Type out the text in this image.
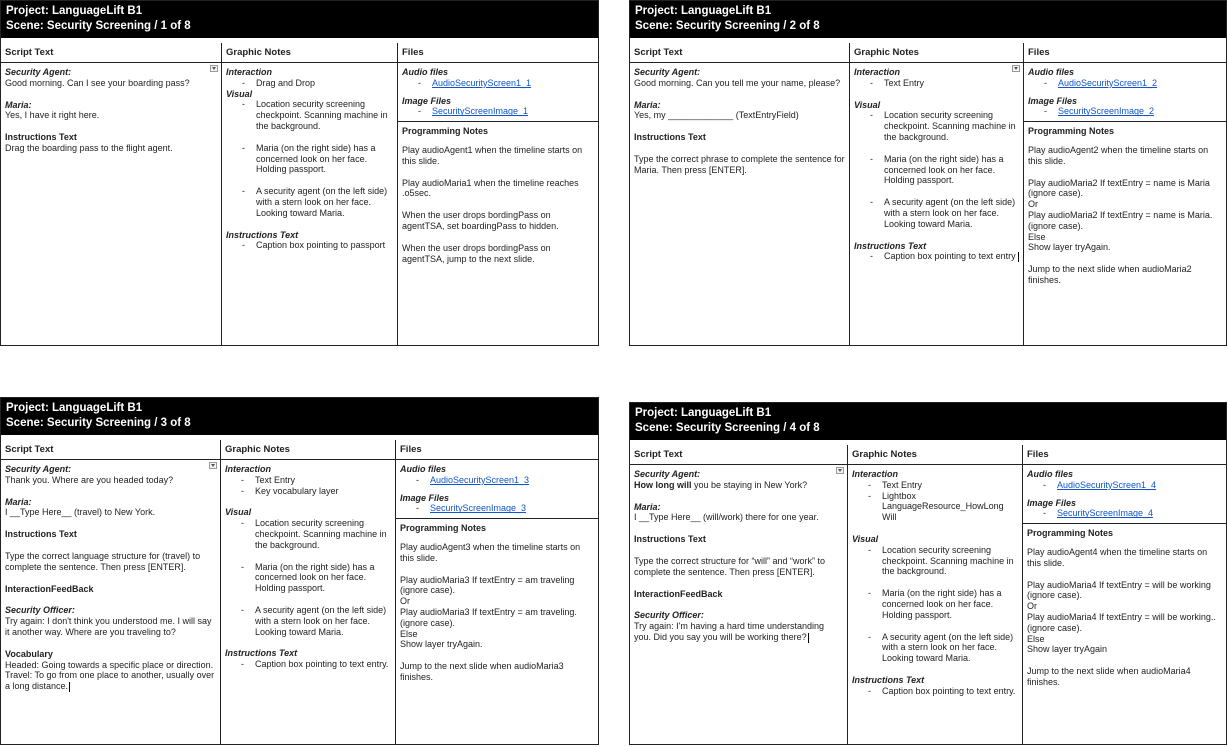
Project: LanguageLift B1
Scene: Security Screening / 1 of 8
Script Text
Security Agent:

Good morning. Can I see your boarding pass?

Maria:

Yes, I have it right here.

Instructions Text

Drag the boarding pass to the flight agent.

Graphic Notes
Interaction
- Drag and Drop
Visual
- Location security screening checkpoint. Scanning machine in the background.
- Maria (on the right side) has a concerned look on her face. Holding passport.
- A security agent (on the left side) with a stern look on her face. Looking toward Maria.
Instructions Text
- Caption box pointing to passport
Files
Audio files
- AudioSecurityScreen1_1
Image Files
- SecurityScreenImage_1
Programming Notes

Play audioAgent1 when the timeline starts on this slide.

Play audioMaria1 when the timeline reaches .o5sec.

When the user drops bordingPass on agentTSA, set boardingPass to hidden.

When the user drops bordingPass on agentTSA, jump to the next slide.

Project: LanguageLift B1
Scene: Security Screening / 2 of 8
Script Text
Security Agent:

Good morning. Can you tell me your name, please?

Maria:

Yes, my _____________ (TextEntryField)

Instructions Text

Type the correct phrase to complete the sentence for Maria. Then press [ENTER].

Graphic Notes
Interaction
- Text Entry
Visual
- Location security screening checkpoint. Scanning machine in the background.
- Maria (on the right side) has a concerned look on her face. Holding passport.
- A security agent (on the left side) with a stern look on her face. Looking toward Maria.
Instructions Text
- Caption box pointing to text entry
Files
Audio files
- AudioSecurityScreen1_2
Image Files
- SecurityScreenImage_2
Programming Notes

Play audioAgent2 when the timeline starts on this slide.

Play audioMaria2 If textEntry = name is Maria (ignore case).
Or
Play audioMaria2 If textEntry = name is Maria. (ignore case).
Else
Show layer tryAgain.

Jump to the next slide when audioMaria2 finishes.

Project: LanguageLift B1
Scene: Security Screening / 3 of 8
Script Text
Security Agent:

Thank you. Where are you headed today?

Maria:

I __Type Here__ (travel) to New York.

Instructions Text

Type the correct language structure for (travel) to complete the sentence. Then press [ENTER].

InteractionFeedBack
Security Officer:

Try again: I don't think you understood me. I will say it another way. Where are you traveling to?

Vocabulary

Headed: Going towards a specific place or direction.

Travel: To go from one place to another, usually over a long distance.

Graphic Notes
Interaction
- Text Entry
- Key vocabulary layer
Visual
- Location security screening checkpoint. Scanning machine in the background.
- Maria (on the right side) has a concerned look on her face. Holding passport.
- A security agent (on the left side) with a stern look on her face. Looking toward Maria.
Instructions Text
- Caption box pointing to text entry.
Files
Audio files
- AudioSecurityScreen1_3
Image Files
- SecurityScreenImage_3
Programming Notes

Play audioAgent3 when the timeline starts on this slide.

Play audioMaria3 If textEntry = am traveling (ignore case).
Or
Play audioMaria3 If textEntry = am traveling. (ignore case).
Else
Show layer tryAgain.

Jump to the next slide when audioMaria3 finishes.

Project: LanguageLift B1
Scene: Security Screening / 4 of 8
Script Text
Security Agent:

How long will you be staying in New York?

Maria:

I __Type Here__ (will/work) there for one year.

Instructions Text

Type the correct structure for “will” and “work” to complete the sentence. Then press [ENTER].

InteractionFeedBack
Security Officer:

Try again: I'm having a hard time understanding you. Did you say you will be working there?

Graphic Notes
Interaction
- Text Entry
- Lightbox LanguageResource_HowLong Will
Visual
- Location security screening checkpoint. Scanning machine in the background.
- Maria (on the right side) has a concerned look on her face. Holding passport.
- A security agent (on the left side) with a stern look on her face. Looking toward Maria.
Instructions Text
- Caption box pointing to text entry.
Files
Audio files
- AudioSecurityScreen1_4
Image Files
- SecurityScreenImage_4
Programming Notes

Play audioAgent4 when the timeline starts on this slide.

Play audioMaria4 If textEntry = will be working (ignore case).
Or
Play audioMaria4 If textEntry = will be working.. (ignore case).
Else
Show layer tryAgain

Jump to the next slide when audioMaria4 finishes.
